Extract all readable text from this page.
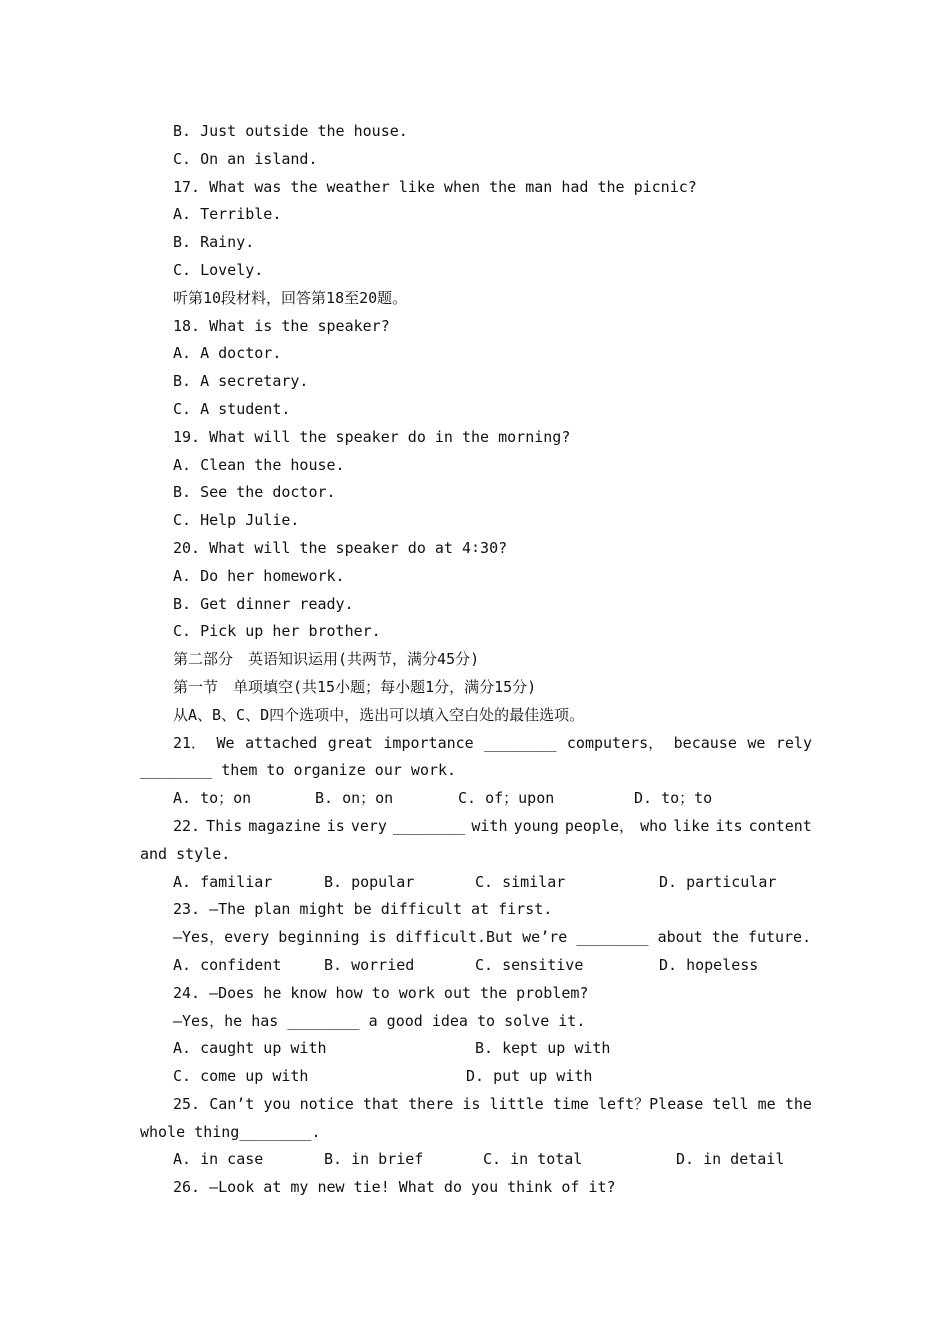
B. Just outside the house.
C. On an island.
17. What was the weather like when the man had the picnic?
A. Terrible.
B. Rainy.
C. Lovely.
听第10段材料，回答第18至20题。
18. What is the speaker?
A. A doctor.
B. A secretary.
C. A student.
19. What will the speaker do in the morning?
A. Clean the house.
B. See the doctor.
C. Help Julie.
20. What will the speaker do at 4∶30?
A. Do her homework.
B. Get dinner ready.
C. Pick up her brother.
第二部分　英语知识运用(共两节，满分45分)
第一节　单项填空(共15小题；每小题1分，满分15分)
从A、B、C、D四个选项中，选出可以填入空白处的最佳选项。
21． We attached great importance ________ computers， because we rely
________ them to organize our work.
A. to；on	B. on；on	C. of；upon	D. to；to
22. This magazine is very ________ with young people， who like its content
and style.
A. familiar	B. popular	C. similar	D. particular
23. —The plan might be difficult at first.
—Yes，every beginning is difficult.But we’re ________ about the future.
A. confident	B. worried	C. sensitive	D. hopeless
24. —Does he know how to work out the problem?
—Yes，he has ________ a good idea to solve it.
A. caught up with	B. kept up with
C. come up with	D. put up with
25. Can’t you notice that there is little time left？Please tell me the
whole thing________.
A. in case	B. in brief	C. in total	D. in detail
26. —Look at my new tie! What do you think of it?
